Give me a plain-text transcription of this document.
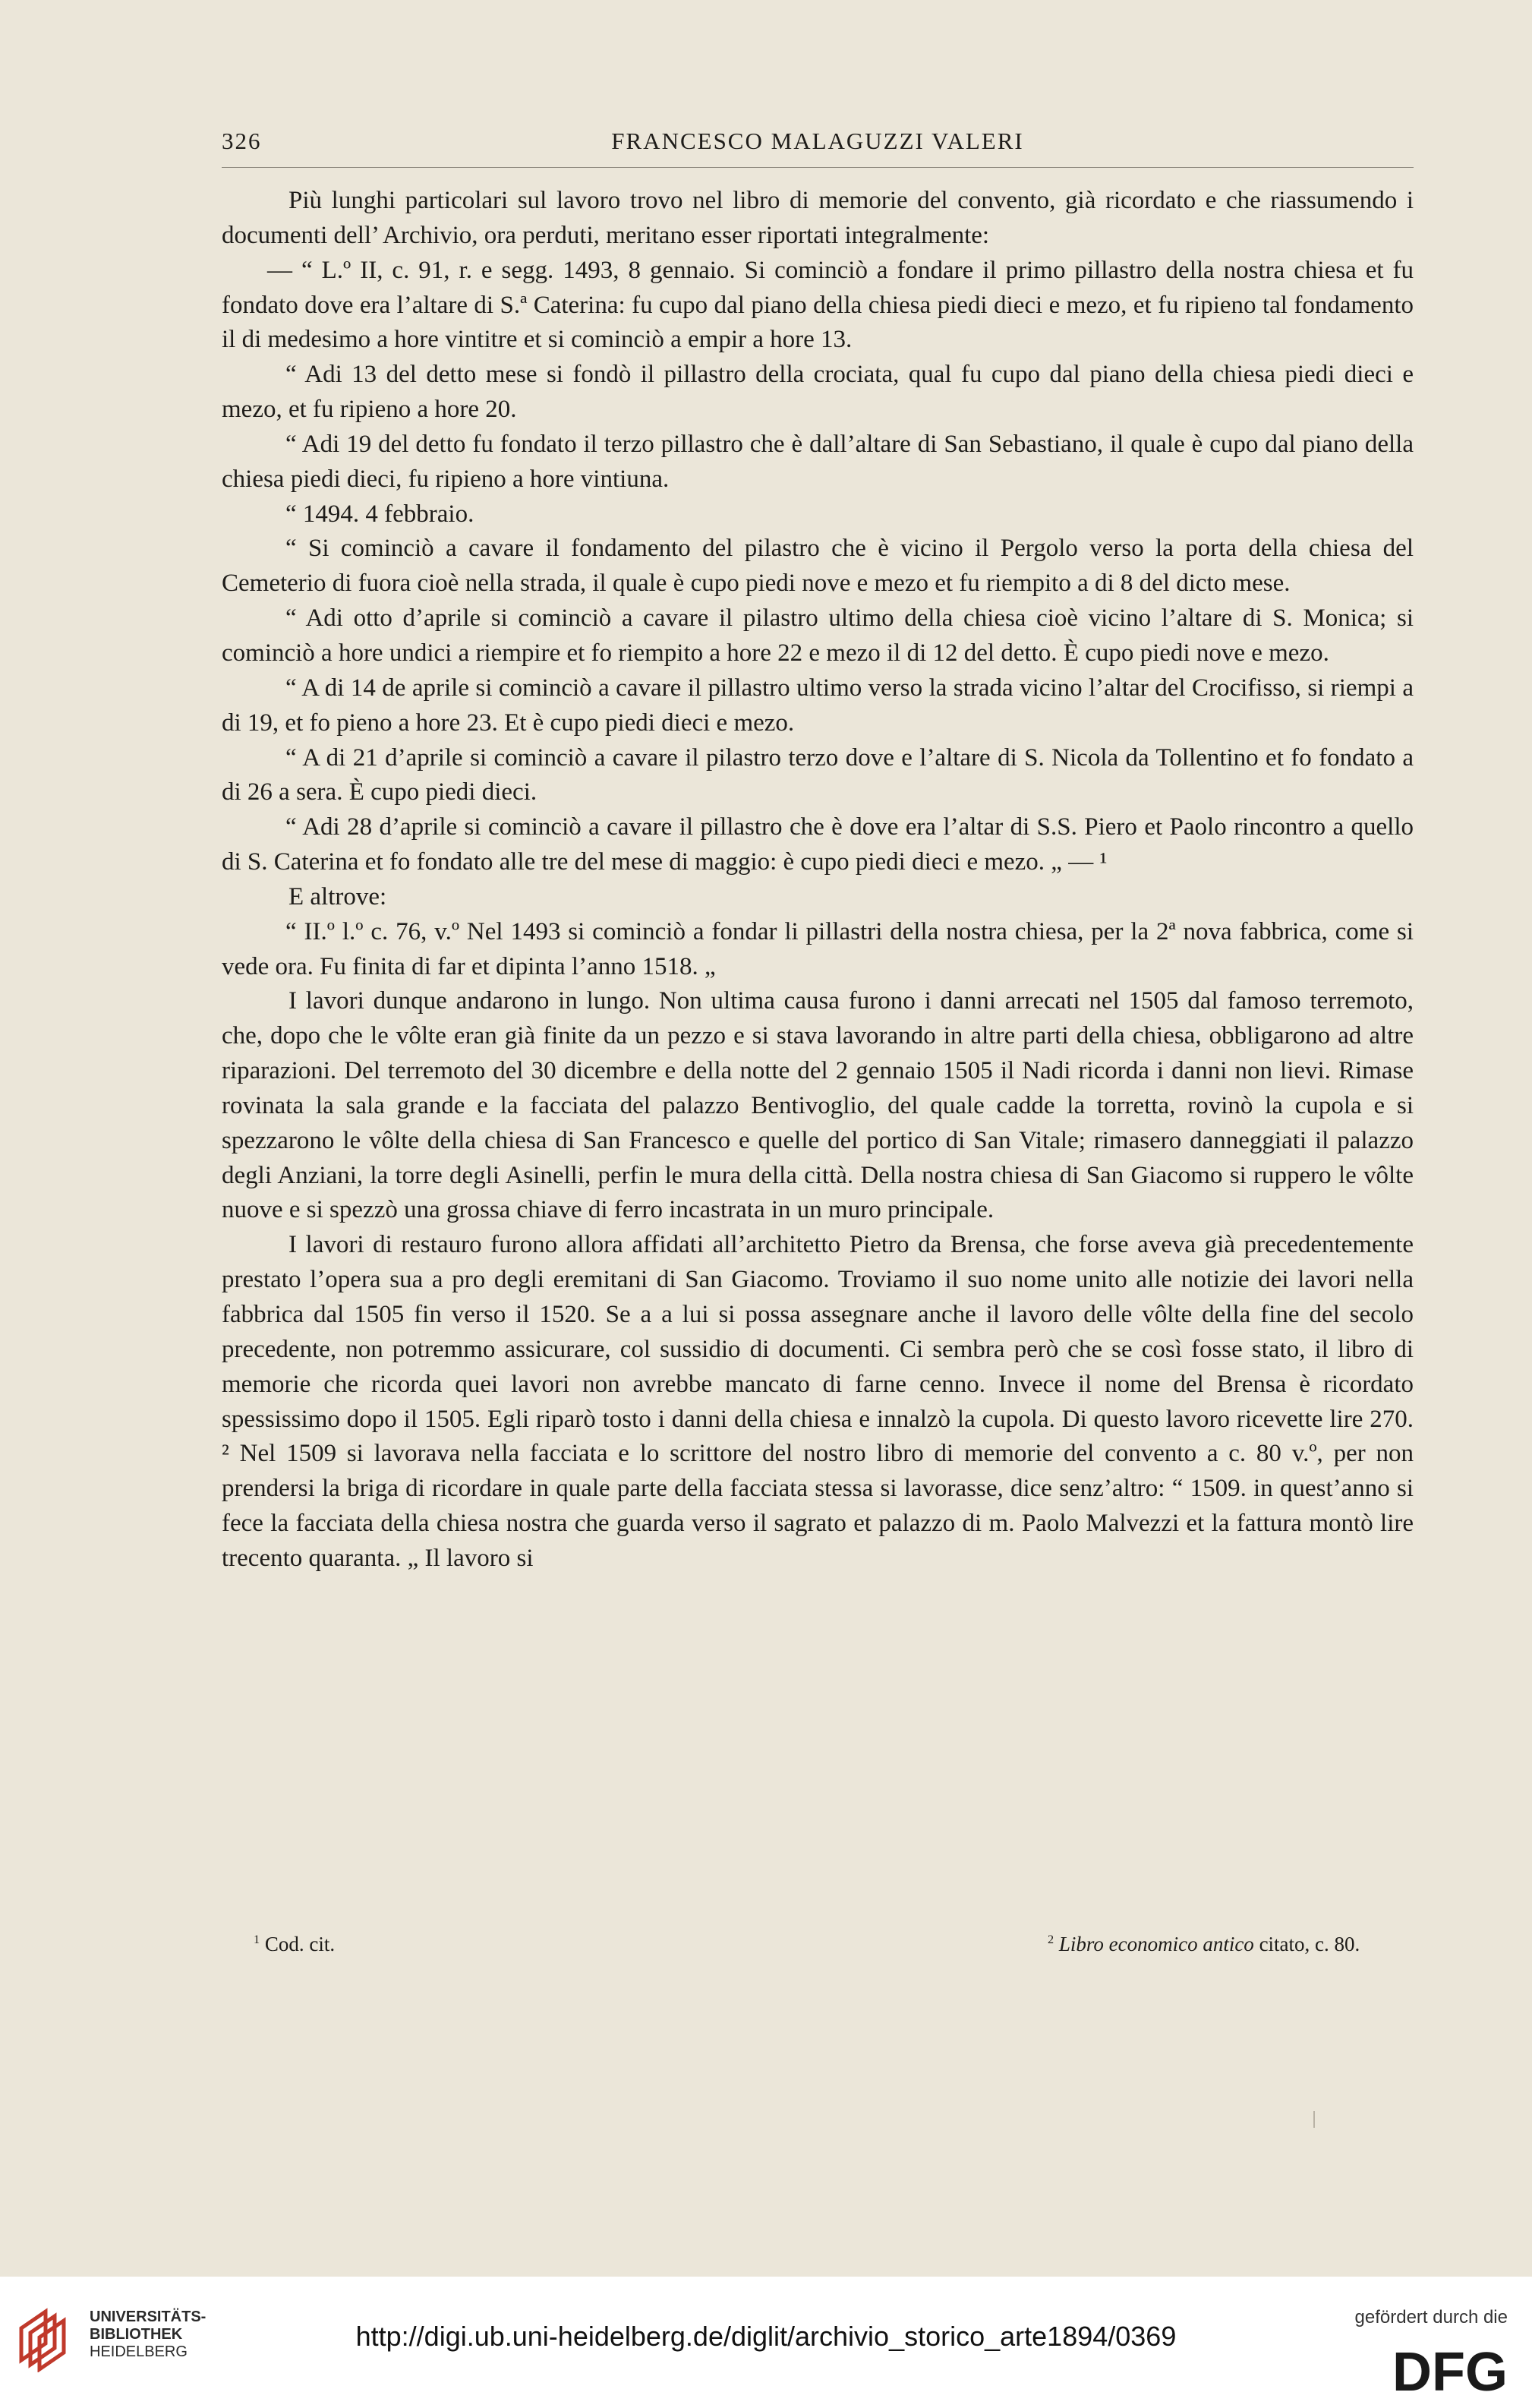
326	FRANCESCO MALAGUZZI VALERI

Più lunghi particolari sul lavoro trovo nel libro di memorie del convento, già ricordato e che riassumendo i documenti dell’ Archivio, ora perduti, meritano esser riportati integralmente:

— “ L.º II, c. 91, r. e segg. 1493, 8 gennaio. Si cominciò a fondare il primo pillastro della nostra chiesa et fu fondato dove era l’altare di S.ª Caterina: fu cupo dal piano della chiesa piedi dieci e mezo, et fu ripieno tal fondamento il di medesimo a hore vintitre et si cominciò a empir a hore 13.

“ Adi 13 del detto mese si fondò il pillastro della crociata, qual fu cupo dal piano della chiesa piedi dieci e mezo, et fu ripieno a hore 20.

“ Adi 19 del detto fu fondato il terzo pillastro che è dall’altare di San Sebastiano, il quale è cupo dal piano della chiesa piedi dieci, fu ripieno a hore vintiuna.

“ 1494. 4 febbraio.

“ Si cominciò a cavare il fondamento del pilastro che è vicino il Pergolo verso la porta della chiesa del Cemeterio di fuora cioè nella strada, il quale è cupo piedi nove e mezo et fu riempito a di 8 del dicto mese.

“ Adi otto d’aprile si cominciò a cavare il pilastro ultimo della chiesa cioè vicino l’altare di S. Monica; si cominciò a hore undici a riempire et fo riempito a hore 22 e mezo il di 12 del detto. È cupo piedi nove e mezo.

“ A di 14 de aprile si cominciò a cavare il pillastro ultimo verso la strada vicino l’altar del Crocifisso, si riempi a di 19, et fo pieno a hore 23. Et è cupo piedi dieci e mezo.

“ A di 21 d’aprile si cominciò a cavare il pilastro terzo dove e l’altare di S. Nicola da Tollentino et fo fondato a di 26 a sera. È cupo piedi dieci.

“ Adi 28 d’aprile si cominciò a cavare il pillastro che è dove era l’altar di S.S. Piero et Paolo rincontro a quello di S. Caterina et fo fondato alle tre del mese di maggio: è cupo piedi dieci e mezo. „ — ¹

E altrove:

“ II.º l.º c. 76, v.º Nel 1493 si cominciò a fondar li pillastri della nostra chiesa, per la 2ª nova fabbrica, come si vede ora. Fu finita di far et dipinta l’anno 1518. „

I lavori dunque andarono in lungo. Non ultima causa furono i danni arrecati nel 1505 dal famoso terremoto, che, dopo che le vôlte eran già finite da un pezzo e si stava lavorando in altre parti della chiesa, obbligarono ad altre riparazioni. Del terremoto del 30 dicembre e della notte del 2 gennaio 1505 il Nadi ricorda i danni non lievi. Rimase rovinata la sala grande e la facciata del palazzo Bentivoglio, del quale cadde la torretta, rovinò la cupola e si spezzarono le vôlte della chiesa di San Francesco e quelle del portico di San Vitale; rimasero danneggiati il palazzo degli Anziani, la torre degli Asinelli, perfin le mura della città. Della nostra chiesa di San Giacomo si ruppero le vôlte nuove e si spezzò una grossa chiave di ferro incastrata in un muro principale.

I lavori di restauro furono allora affidati all’architetto Pietro da Brensa, che forse aveva già precedentemente prestato l’opera sua a pro degli eremitani di San Giacomo. Troviamo il suo nome unito alle notizie dei lavori nella fabbrica dal 1505 fin verso il 1520. Se a a lui si possa assegnare anche il lavoro delle vôlte della fine del secolo precedente, non potremmo assicurare, col sussidio di documenti. Ci sembra però che se così fosse stato, il libro di memorie che ricorda quei lavori non avrebbe mancato di farne cenno. Invece il nome del Brensa è ricordato spessissimo dopo il 1505. Egli riparò tosto i danni della chiesa e innalzò la cupola. Di questo lavoro ricevette lire 270. ² Nel 1509 si lavorava nella facciata e lo scrittore del nostro libro di memorie del convento a c. 80 v.º, per non prendersi la briga di ricordare in quale parte della facciata stessa si lavorasse, dice senz’altro: “ 1509. in quest’anno si fece la facciata della chiesa nostra che guarda verso il sagrato et palazzo di m. Paolo Malvezzi et la fattura montò lire trecento quaranta. „ Il lavoro si

$^1$ Cod. cit.	$^2$ Libro economico antico citato, c. 80.
UNIVERSITÄTS-
BIBLIOTHEK
HEIDELBERG	http://digi.ub.uni-heidelberg.de/diglit/archivio_storico_arte1894/0369
gefördert durch die
DFG
